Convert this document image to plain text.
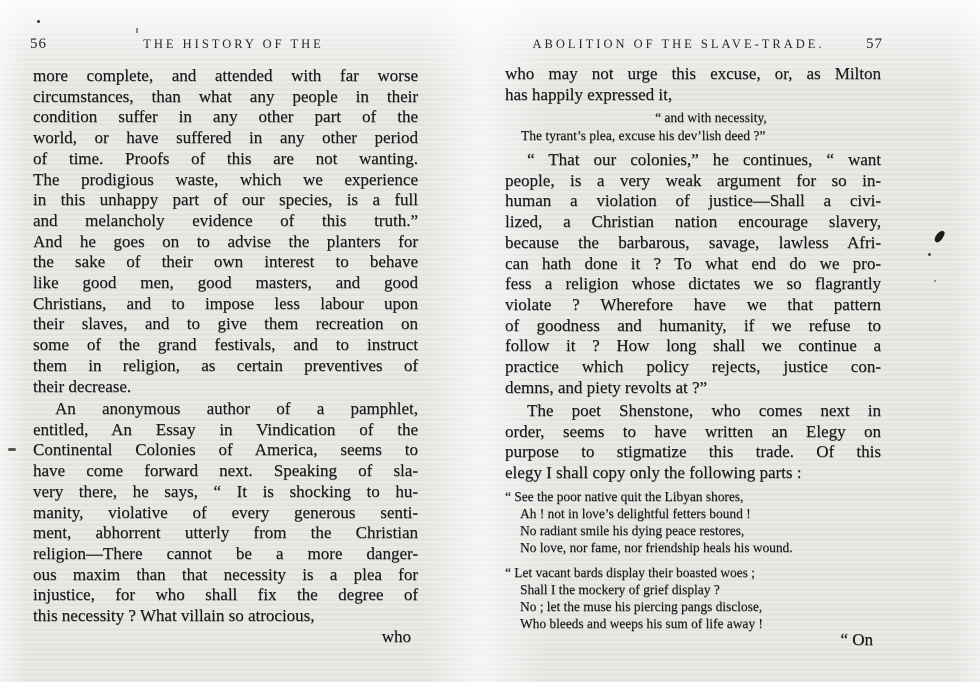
56	THE HISTORY OF THE
more complete, and attended with far worse
circumstances, than what any people in their
condition suffer in any other part of the
world, or have suffered in any other period
of time. Proofs of this are not wanting.
The prodigious waste, which we experience
in this unhappy part of our species, is a full
and melancholy evidence of this truth.”
And he goes on to advise the planters for
the sake of their own interest to behave
like good men, good masters, and good
Christians, and to impose less labour upon
their slaves, and to give them recreation on
some of the grand festivals, and to instruct
them in religion, as certain preventives of
their decrease.
An anonymous author of a pamphlet,
entitled, An Essay in Vindication of the
Continental Colonies of America, seems to
have come forward next. Speaking of sla-
very there, he says, “ It is shocking to hu-
manity, violative of every generous senti-
ment, abhorrent utterly from the Christian
religion—There cannot be a more danger-
ous maxim than that necessity is a plea for
injustice, for who shall fix the degree of
this necessity ? What villain so atrocious,
who
ABOLITION OF THE SLAVE-TRADE.	57
who may not urge this excuse, or, as Milton
has happily expressed it,
“ and with necessity,
The tyrant’s plea, excuse his dev’lish deed ?”
“ That our colonies,” he continues, “ want
people, is a very weak argument for so in-
human a violation of justice—Shall a civi-
lized, a Christian nation encourage slavery,
because the barbarous, savage, lawless Afri-
can hath done it ? To what end do we pro-
fess a religion whose dictates we so flagrantly
violate ? Wherefore have we that pattern
of goodness and humanity, if we refuse to
follow it ? How long shall we continue a
practice which policy rejects, justice con-
demns, and piety revolts at ?”
The poet Shenstone, who comes next in
order, seems to have written an Elegy on
purpose to stigmatize this trade. Of this
elegy I shall copy only the following parts :
“ See the poor native quit the Libyan shores,
Ah ! not in love’s delightful fetters bound !
No radiant smile his dying peace restores,
No love, nor fame, nor friendship heals his wound.
“ Let vacant bards display their boasted woes ;
Shall I the mockery of grief display ?
No ; let the muse his piercing pangs disclose,
Who bleeds and weeps his sum of life away !
“ On
